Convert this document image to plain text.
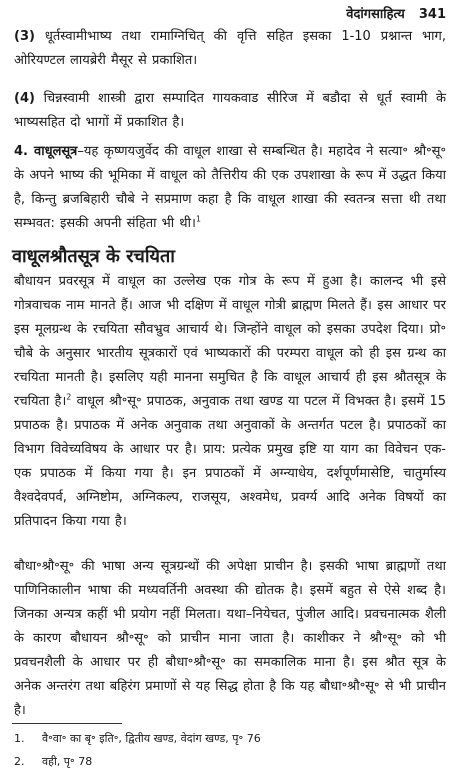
वेदांगसाहित्य 341
(3) धूर्तस्वामीभाष्य तथा रामाग्निचित् की वृत्ति सहित इसका 1-10 प्रश्नान्त भाग, ओरियण्टल लायब्रेरी मैसूर से प्रकाशित।
(4) चिन्नस्वामी शास्त्री द्वारा सम्पादित गायकवाड सीरिज में बडौदा से धूर्त स्वामी के भाष्यसहित दो भागों में प्रकाशित है।
4. वाधूलसूत्र–यह कृष्णयजुर्वेद की वाधूल शाखा से सम्बन्धित है। महादेव ने सत्या॰ श्रौ॰सू॰ के अपने भाष्य की भूमिका में वाधूल को तैत्तिरीय की एक उपशाखा के रूप में उद्धत किया है, किन्तु ब्रजबिहारी चौबे ने सप्रमाण कहा है कि वाधूल शाखा की स्वतन्त्र सत्ता थी तथा सम्भवत: इसकी अपनी संहिता भी थी।$^1$
वाधूलश्रौतसूत्र के रचयिता
बौधायन प्रवरसूत्र में वाधूल का उल्लेख एक गोत्र के रूप में हुआ है। कालन्द भी इसे गोत्रवाचक नाम मानते हैं। आज भी दक्षिण में वाधूल गोत्री ब्राह्मण मिलते हैं। इस आधार पर इस मूलग्रन्थ के रचयिता सौवभ्रुव आचार्य थे। जिन्होंने वाधूल को इसका उपदेश दिया। प्रो॰ चौबे के अनुसार भारतीय सूत्रकारों एवं भाष्यकारों की परम्परा वाधूल को ही इस ग्रन्थ का रचयिता मानती है। इसलिए यही मानना समुचित है कि वाधूल आचार्य ही इस श्रौतसूत्र के रचयिता है।$^2$ वाधूल श्रौ॰सू॰ प्रपाठक, अनुवाक तथा खण्ड या पटल में विभक्त है। इसमें 15 प्रपाठक है। प्रपाठक में अनेक अनुवाक तथा अनुवाकों के अन्तर्गत पटल है। प्रपाठकों का विभाग विवेच्यविषय के आधार पर है। प्राय: प्रत्येक प्रमुख इष्टि या याग का विवेचन एक-एक प्रपाठक में किया गया है। इन प्रपाठकों में अग्न्याधेय, दर्शपूर्णमासेष्टि, चातुर्मास्य वैश्वदेवपर्व, अग्निष्टोम, अग्निकल्प, राजसूय, अश्वमेध, प्रवर्ग्य आदि अनेक विषयों का प्रतिपादन किया गया है।
बौधा॰श्रौ॰सू॰ की भाषा अन्य सूत्रग्रन्थों की अपेक्षा प्राचीन है। इसकी भाषा ब्राह्मणों तथा पाणिनिकालीन भाषा की मध्यवर्तिनी अवस्था की द्योतक है। इसमें बहुत से ऐसे शब्द है। जिनका अन्यत्र कहीं भी प्रयोग नहीं मिलता। यथा–नियेचत, पुंजील आदि। प्रवचनात्मक शैली के कारण बौधायन श्रौ॰सू॰ को प्राचीन माना जाता है। काशीकर ने श्रौ॰सू॰ को भी प्रवचनशैली के आधार पर ही बौधा॰श्रौ॰सू॰ का समकालिक माना है। इस श्रौत सूत्र के अनेक अन्तरंग तथा बहिरंग प्रमाणों से यह सिद्ध होता है कि यह बौधा॰श्रौ॰सू॰ से भी प्राचीन है।
1. वै॰वा॰ का बृ॰ इति॰, द्वितीय खण्ड, वेदांग खण्ड, पृ॰ 76
2. वही, पृ॰ 78
